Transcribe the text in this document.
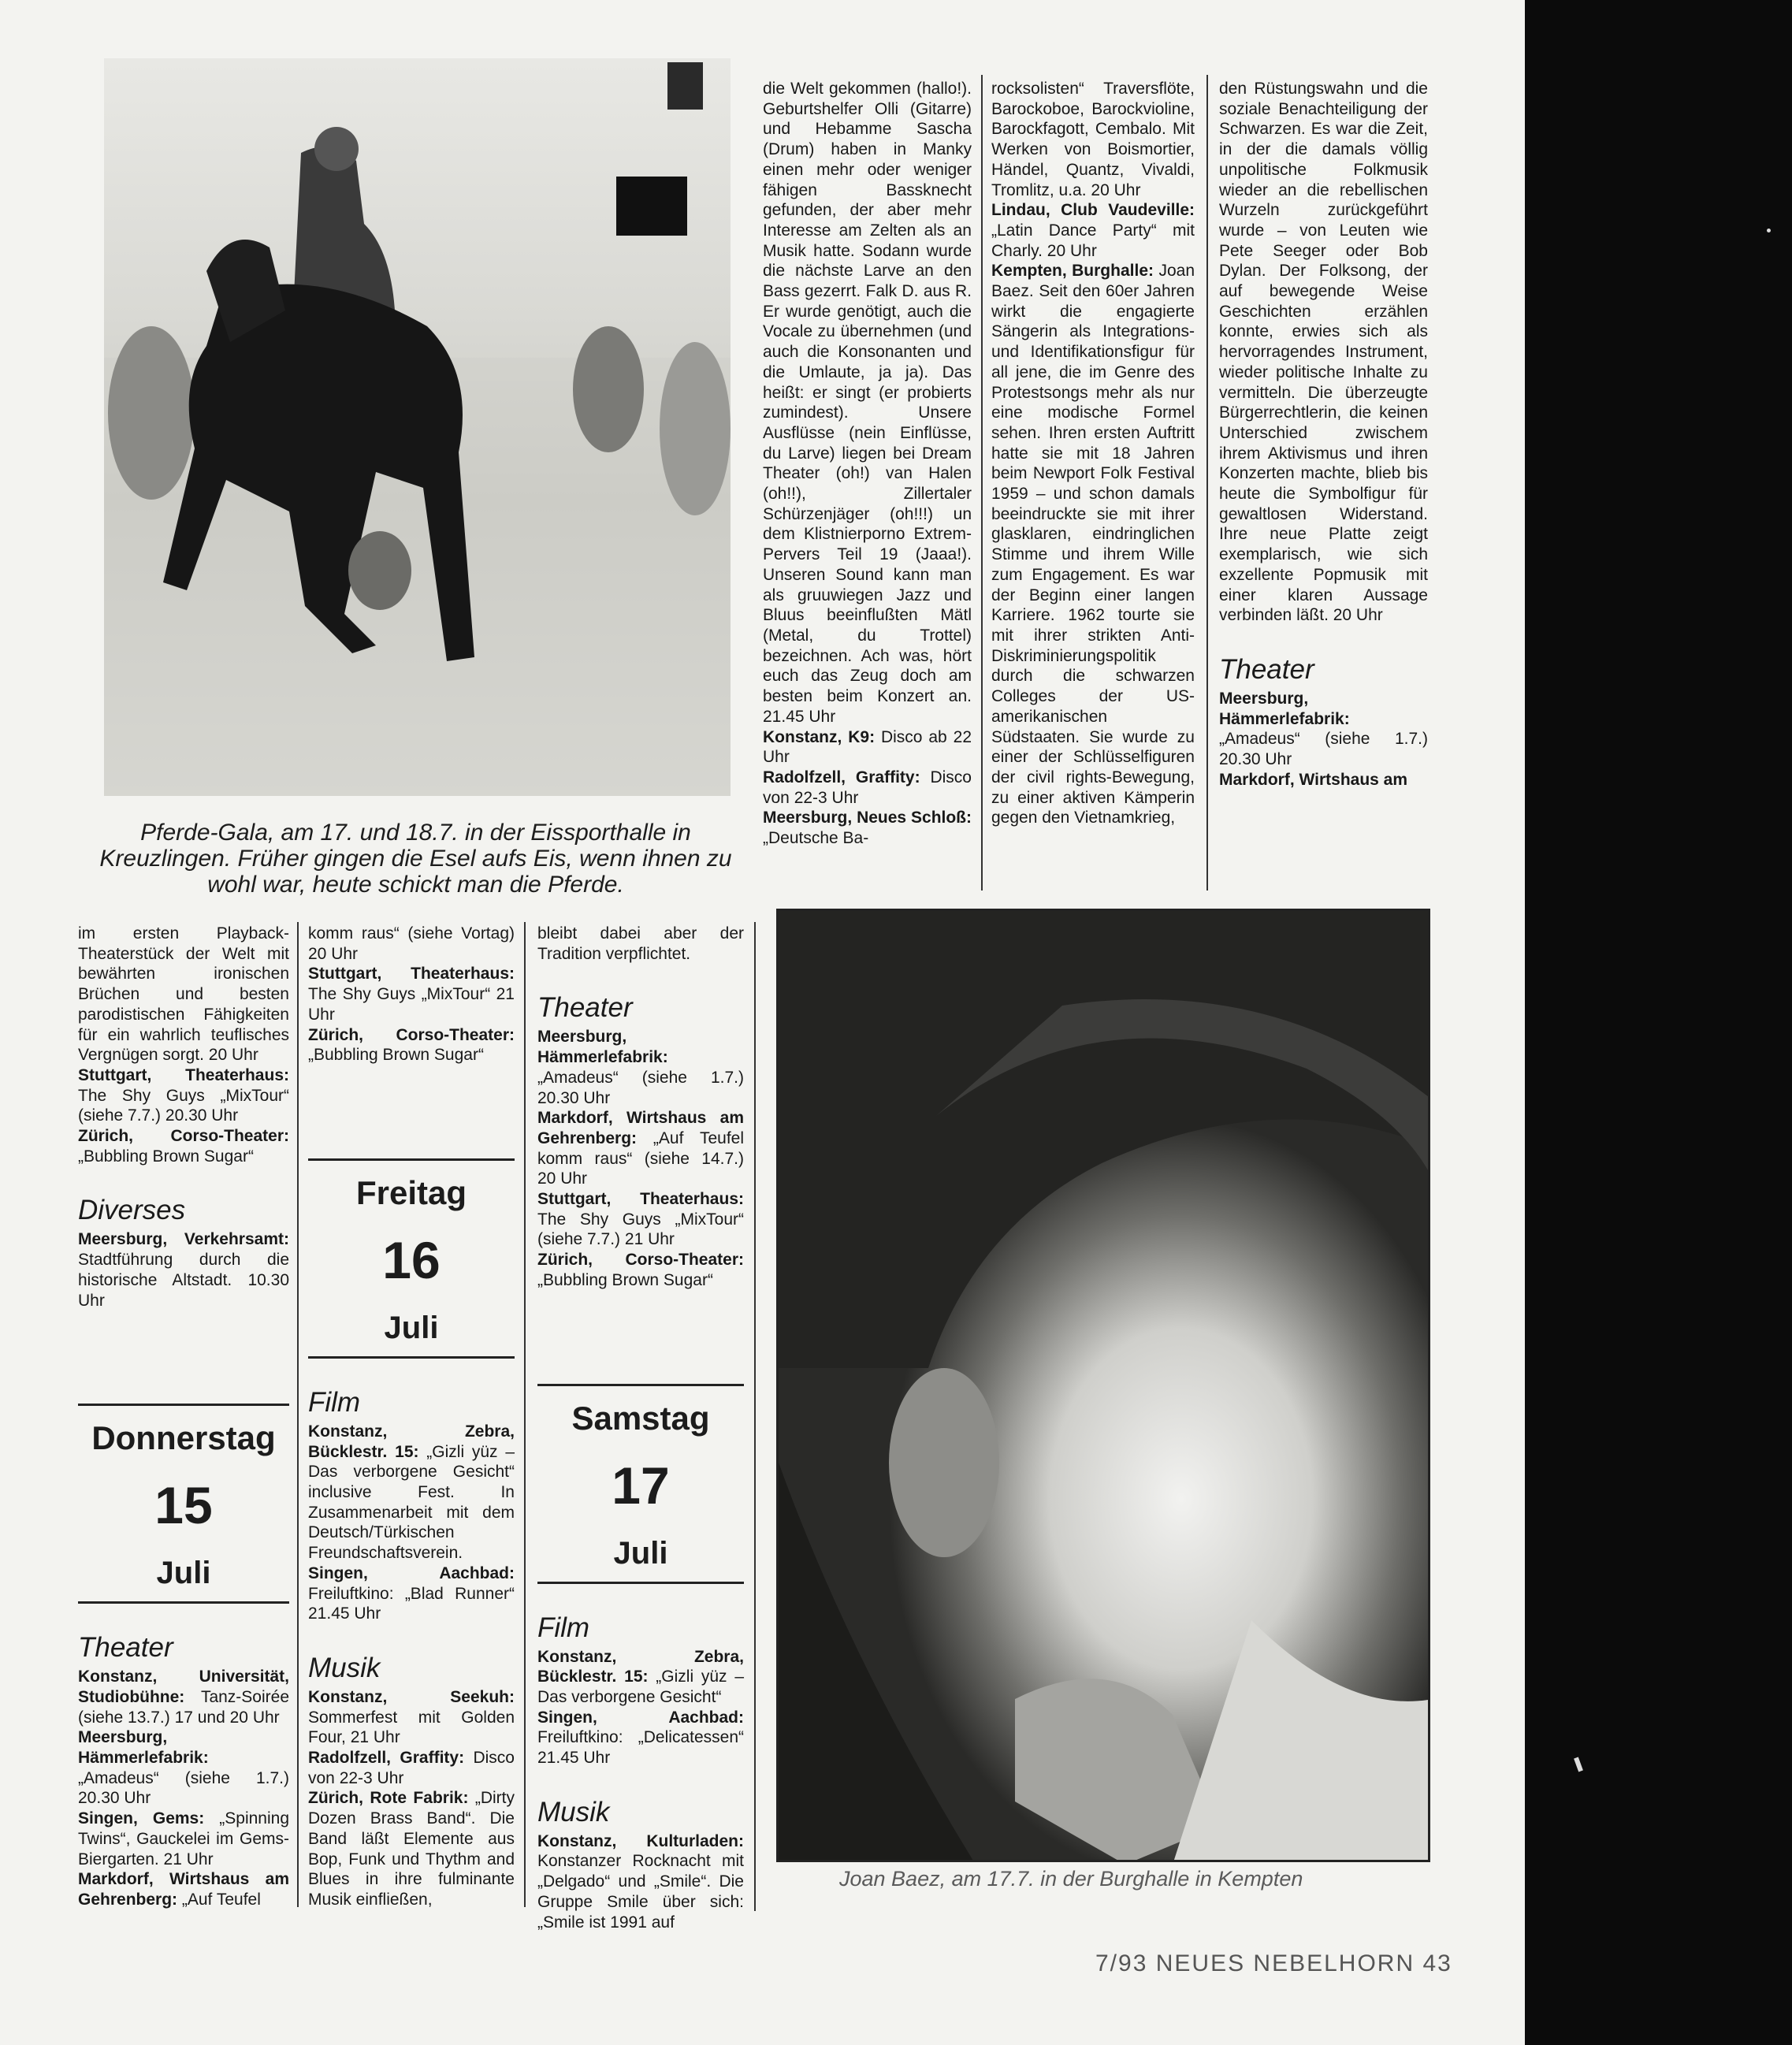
Pferde-Gala, am 17. und 18.7. in der Eissporthalle in Kreuzlingen. Früher gingen die Esel aufs Eis, wenn ihnen zu wohl war, heute schickt man die Pferde.

die Welt gekommen (hallo!). Geburtshelfer Olli (Gitarre) und Hebamme Sascha (Drum) haben in Manky einen mehr oder weniger fähigen Bassknecht gefunden, der aber mehr Interesse am Zelten als an Musik hatte. Sodann wurde die nächste Larve an den Bass gezerrt. Falk D. aus R. Er wurde genötigt, auch die Vocale zu übernehmen (und auch die Konsonanten und die Umlaute, ja ja). Das heißt: er singt (er probierts zumindest). Unsere Ausflüsse (nein Einflüsse, du Larve) liegen bei Dream Theater (oh!) van Halen (oh!!), Zillertaler Schürzenjäger (oh!!!) un dem Klistnierporno Extrem-Pervers Teil 19 (Jaaa!). Unseren Sound kann man als gruuwiegen Jazz und Bluus beeinflußten Mätl (Metal, du Trottel) bezeichnen. Ach was, hört euch das Zeug doch am besten beim Konzert an. 21.45 Uhr

Konstanz, K9: Disco ab 22 Uhr

Radolfzell, Graffity: Disco von 22-3 Uhr

Meersburg, Neues Schloß: „Deutsche Ba-

rocksolisten“ Traversflöte, Barockoboe, Barockvioline, Barockfagott, Cembalo. Mit Werken von Boismortier, Händel, Quantz, Vivaldi, Tromlitz, u.a. 20 Uhr

Lindau, Club Vaudeville: „Latin Dance Party“ mit Charly. 20 Uhr

Kempten, Burghalle: Joan Baez. Seit den 60er Jahren wirkt die engagierte Sängerin als Integrations- und Identifikationsfigur für all jene, die im Genre des Protestsongs mehr als nur eine modische Formel sehen. Ihren ersten Auftritt hatte sie mit 18 Jahren beim Newport Folk Festival 1959 – und schon damals beeindruckte sie mit ihrer glasklaren, eindringlichen Stimme und ihrem Wille zum Engagement. Es war der Beginn einer langen Karriere. 1962 tourte sie mit ihrer strikten Anti-Diskriminierungspolitik durch die schwarzen Colleges der US-amerikanischen Südstaaten. Sie wurde zu einer der Schlüsselfiguren der civil rights-Bewegung, zu einer aktiven Kämperin gegen den Vietnamkrieg,

den Rüstungswahn und die soziale Benachteiligung der Schwarzen. Es war die Zeit, in der die damals völlig unpolitische Folkmusik wieder an die rebellischen Wurzeln zurückgeführt wurde – von Leuten wie Pete Seeger oder Bob Dylan. Der Folksong, der auf bewegende Weise Geschichten erzählen konnte, erwies sich als hervorragendes Instrument, wieder politische Inhalte zu vermitteln. Die überzeugte Bürgerrechtlerin, die keinen Unterschied zwischem ihrem Aktivismus und ihren Konzerten machte, blieb bis heute die Symbolfigur für gewaltlosen Widerstand. Ihre neue Platte zeigt exemplarisch, wie sich exzellente Popmusik mit einer klaren Aussage verbinden läßt. 20 Uhr

Theater

Meersburg, Hämmerlefabrik: „Amadeus“ (siehe 1.7.) 20.30 Uhr

Markdorf, Wirtshaus am

Joan Baez, am 17.7. in der Burghalle in Kempten

im ersten Playback-Theaterstück der Welt mit bewährten ironischen Brüchen und besten parodistischen Fähigkeiten für ein wahrlich teuflisches Vergnügen sorgt. 20 Uhr

Stuttgart, Theaterhaus: The Shy Guys „MixTour“ (siehe 7.7.) 20.30 Uhr

Zürich, Corso-Theater: „Bubbling Brown Sugar“

Diverses

Meersburg, Verkehrsamt: Stadtführung durch die historische Altstadt. 10.30 Uhr

Donnerstag
15
Juli
Theater

Konstanz, Universität, Studiobühne: Tanz-Soirée (siehe 13.7.) 17 und 20 Uhr

Meersburg, Hämmerlefabrik: „Amadeus“ (siehe 1.7.) 20.30 Uhr

Singen, Gems: „Spinning Twins“, Gauckelei im Gems-Biergarten. 21 Uhr

Markdorf, Wirtshaus am Gehrenberg: „Auf Teufel

komm raus“ (siehe Vortag) 20 Uhr

Stuttgart, Theaterhaus: The Shy Guys „MixTour“ 21 Uhr

Zürich, Corso-Theater: „Bubbling Brown Sugar“

Freitag
16
Juli
Film

Konstanz, Zebra, Bücklestr. 15: „Gizli yüz – Das verborgene Gesicht“ inclusive Fest. In Zusammenarbeit mit dem Deutsch/Türkischen Freundschaftsverein.

Singen, Aachbad: Freiluftkino: „Blad Runner“ 21.45 Uhr

Musik

Konstanz, Seekuh: Sommerfest mit Golden Four, 21 Uhr

Radolfzell, Graffity: Disco von 22-3 Uhr

Zürich, Rote Fabrik: „Dirty Dozen Brass Band“. Die Band läßt Elemente aus Bop, Funk und Thythm and Blues in ihre fulminante Musik einfließen,

bleibt dabei aber der Tradition verpflichtet.

Theater

Meersburg, Hämmerlefabrik: „Amadeus“ (siehe 1.7.) 20.30 Uhr

Markdorf, Wirtshaus am Gehrenberg: „Auf Teufel komm raus“ (siehe 14.7.) 20 Uhr

Stuttgart, Theaterhaus: The Shy Guys „MixTour“ (siehe 7.7.) 21 Uhr

Zürich, Corso-Theater: „Bubbling Brown Sugar“

Samstag
17
Juli
Film

Konstanz, Zebra, Bücklestr. 15: „Gizli yüz – Das verborgene Gesicht“

Singen, Aachbad: Freiluftkino: „Delicatessen“ 21.45 Uhr

Musik

Konstanz, Kulturladen: Konstanzer Rocknacht mit „Delgado“ und „Smile“. Die Gruppe Smile über sich: „Smile ist 1991 auf

7/93 NEUES NEBELHORN 43
